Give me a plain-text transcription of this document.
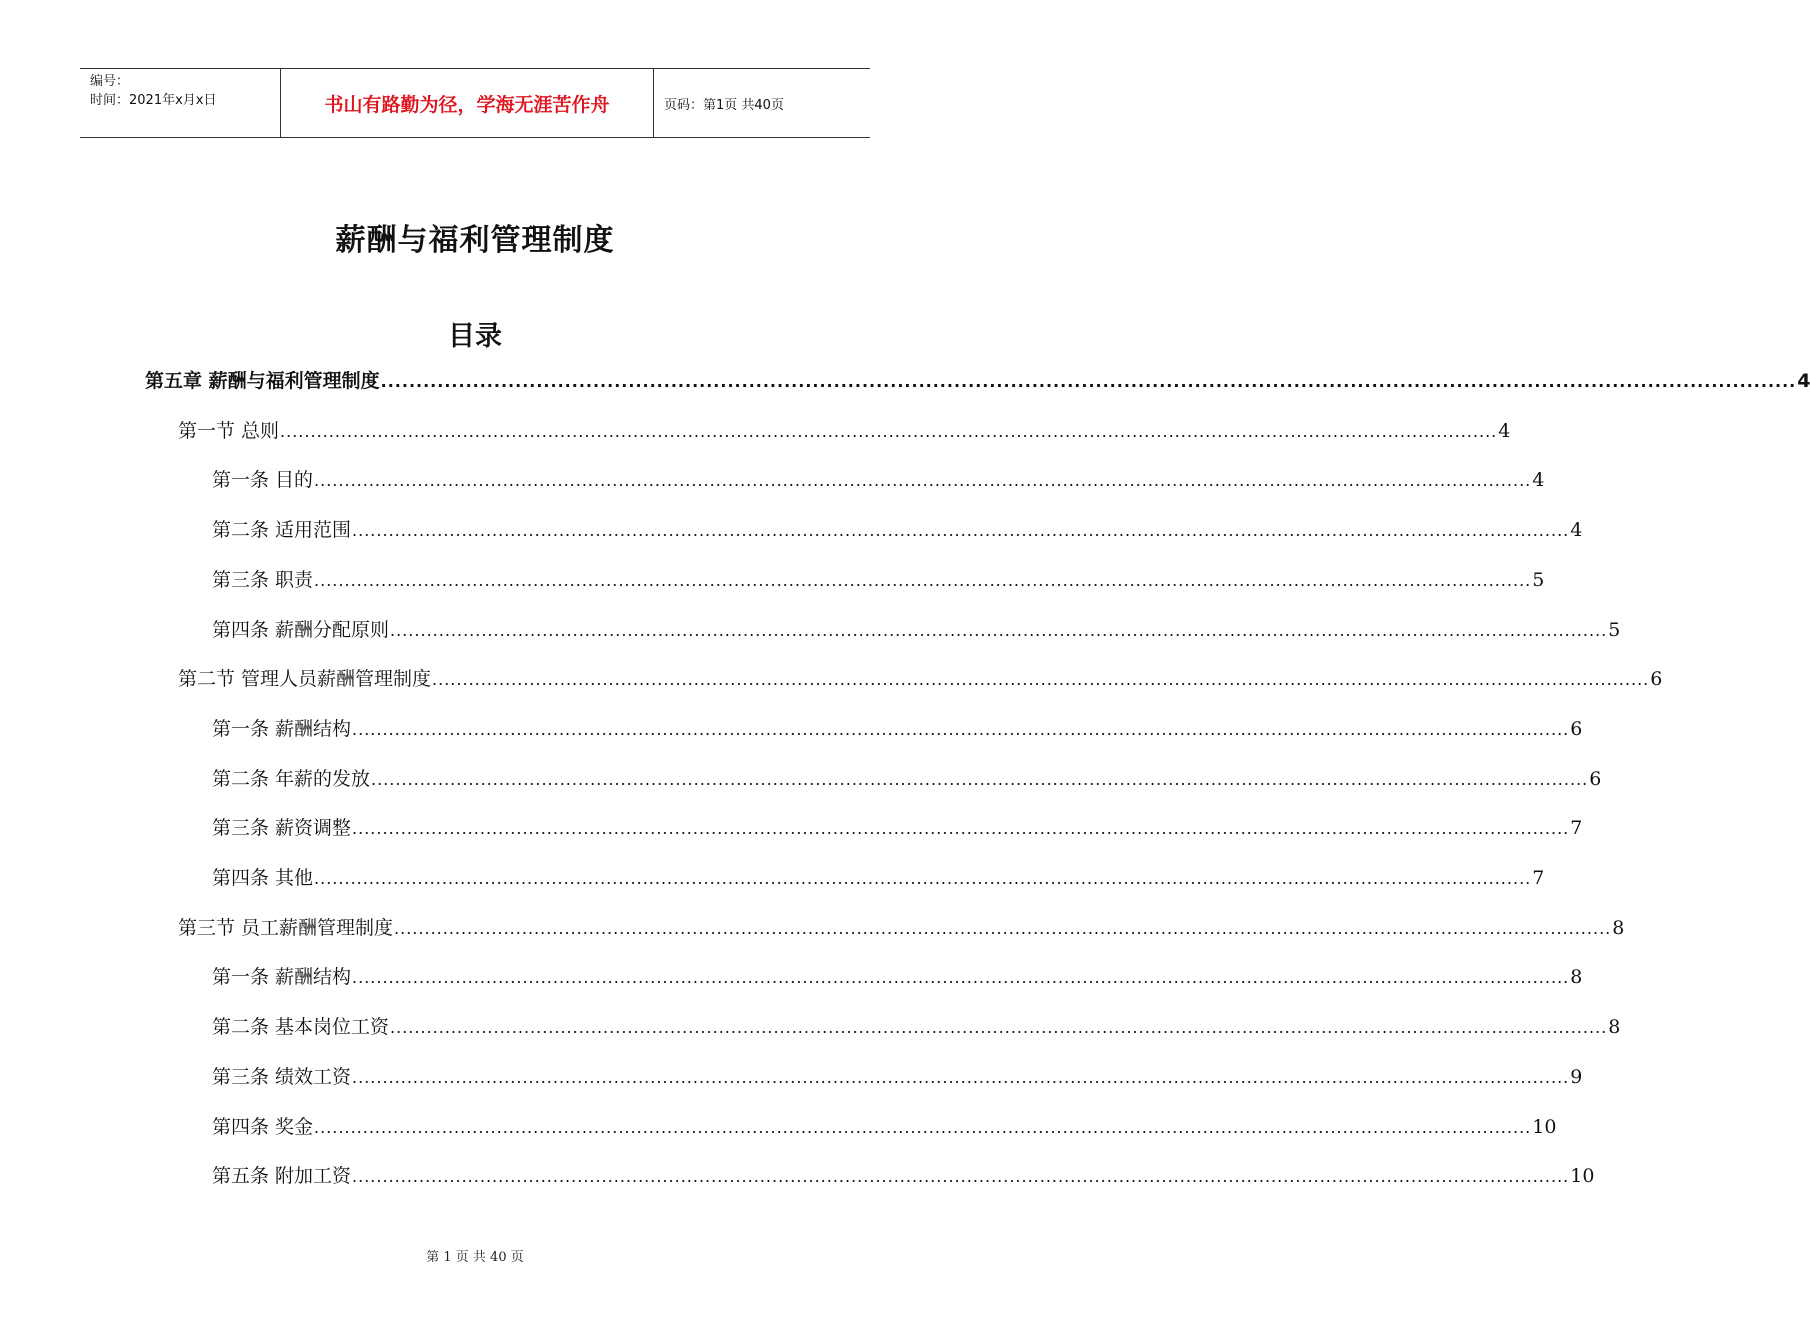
编号：
时间：2021年x月x日	书山有路勤为径，学海无涯苦作舟	页码：第1页 共40页
薪酬与福利管理制度
目录
第五章 薪酬与福利管理制度 ........................................................................................................................................................................................................ 4
第一节 总则 ........................................................................................................................................................................................................ 4
第一条 目的 ........................................................................................................................................................................................................ 4
第二条 适用范围 ........................................................................................................................................................................................................ 4
第三条 职责 ........................................................................................................................................................................................................ 5
第四条 薪酬分配原则 ........................................................................................................................................................................................................ 5
第二节 管理人员薪酬管理制度 ........................................................................................................................................................................................................ 6
第一条 薪酬结构 ........................................................................................................................................................................................................ 6
第二条 年薪的发放 ........................................................................................................................................................................................................ 6
第三条 薪资调整 ........................................................................................................................................................................................................ 7
第四条 其他 ........................................................................................................................................................................................................ 7
第三节 员工薪酬管理制度 ........................................................................................................................................................................................................ 8
第一条 薪酬结构 ........................................................................................................................................................................................................ 8
第二条 基本岗位工资 ........................................................................................................................................................................................................ 8
第三条 绩效工资 ........................................................................................................................................................................................................ 9
第四条 奖金 ........................................................................................................................................................................................................ 10
第五条 附加工资 ........................................................................................................................................................................................................ 10
第 1 页 共 40 页
